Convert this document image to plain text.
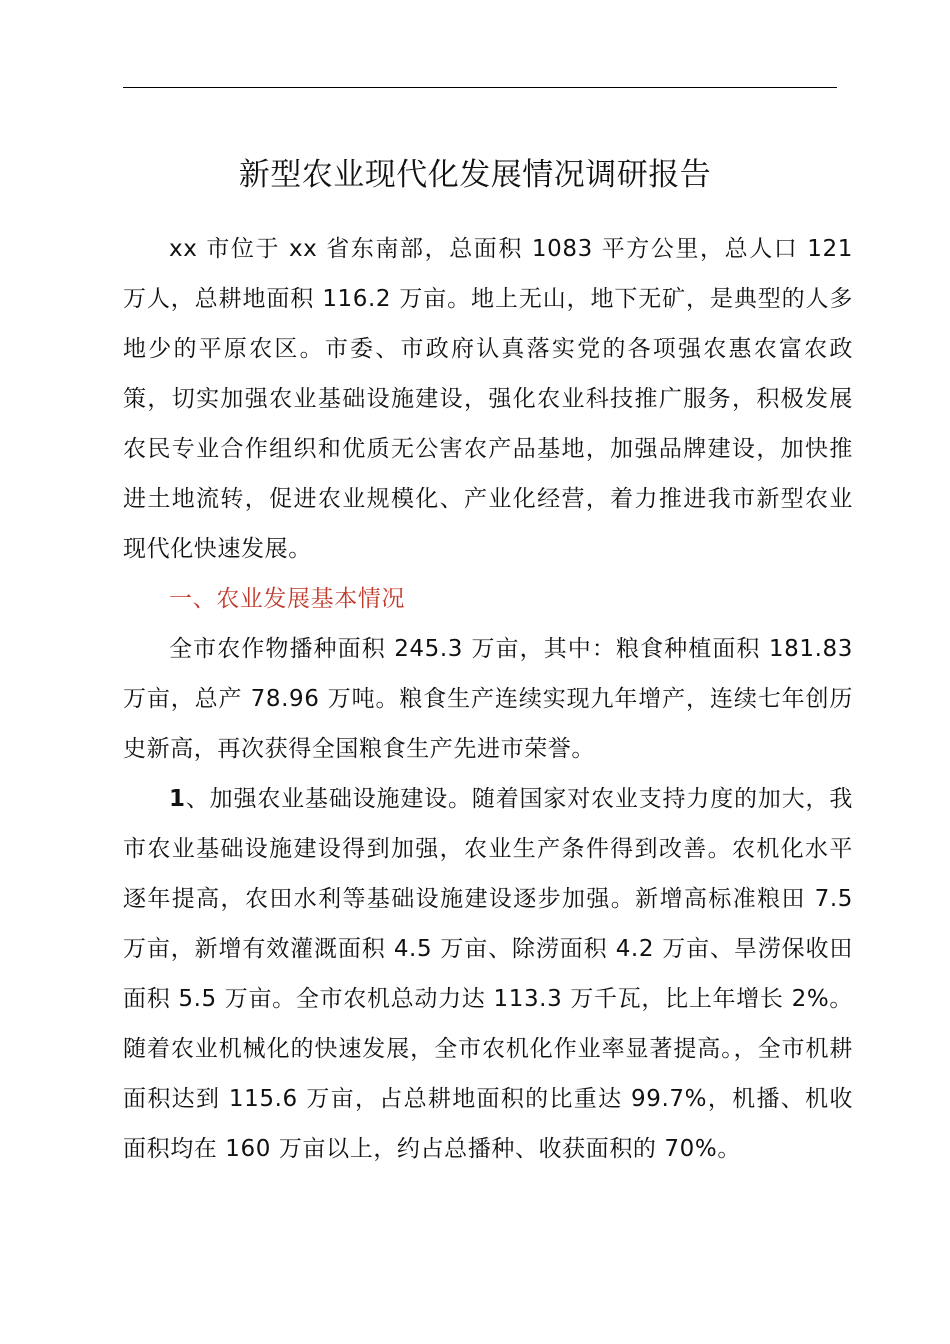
新型农业现代化发展情况调研报告

xx 市位于 xx 省东南部，总面积 1083 平方公里，总人口 121 万人，总耕地面积 116.2 万亩。地上无山，地下无矿，是典型的人多地少的平原农区。市委、市政府认真落实党的各项强农惠农富农政策，切实加强农业基础设施建设，强化农业科技推广服务，积极发展农民专业合作组织和优质无公害农产品基地，加强品牌建设，加快推进土地流转，促进农业规模化、产业化经营，着力推进我市新型农业现代化快速发展。

一、农业发展基本情况

全市农作物播种面积 245.3 万亩，其中：粮食种植面积 181.83 万亩，总产 78.96 万吨。粮食生产连续实现九年增产，连续七年创历史新高，再次获得全国粮食生产先进市荣誉。

1、加强农业基础设施建设。随着国家对农业支持力度的加大，我市农业基础设施建设得到加强，农业生产条件得到改善。农机化水平逐年提高，农田水利等基础设施建设逐步加强。新增高标准粮田 7.5 万亩，新增有效灌溉面积 4.5 万亩、除涝面积 4.2 万亩、旱涝保收田面积 5.5 万亩。全市农机总动力达 113.3 万千瓦，比上年增长 2%。随着农业机械化的快速发展，全市农机化作业率显著提高。，全市机耕面积达到 115.6 万亩，占总耕地面积的比重达 99.7%，机播、机收面积均在 160 万亩以上，约占总播种、收获面积的 70%。
